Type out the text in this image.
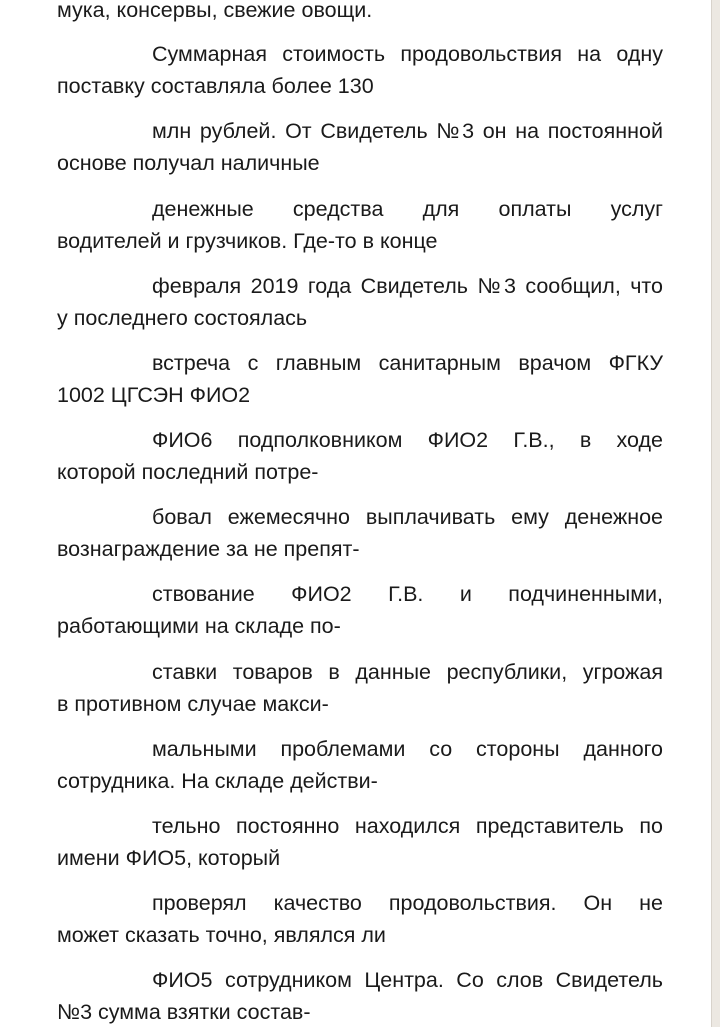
мука, консервы, свежие овощи.
Суммарная стоимость продовольствия на одну
поставку составляла более 130
млн рублей. От Свидетель №3 он на постоянной
основе получал наличные
денежные средства для оплаты услуг
водителей и грузчиков. Где-то в конце
февраля 2019 года Свидетель №3 сообщил, что
у последнего состоялась
встреча с главным санитарным врачом ФГКУ
1002 ЦГСЭН ФИО2
ФИО6 подполковником ФИО2 Г.В., в ходе
которой последний потре-
бовал ежемесячно выплачивать ему денежное
вознаграждение за не препят-
ствование ФИО2 Г.В. и подчиненными,
работающими на складе по-
ставки товаров в данные республики, угрожая
в противном случае макси-
мальными проблемами со стороны данного
сотрудника. На складе действи-
тельно постоянно находился представитель по
имени ФИО5, который
проверял качество продовольствия. Он не
может сказать точно, являлся ли
ФИО5 сотрудником Центра. Со слов Свидетель
№3 сумма взятки состав-
